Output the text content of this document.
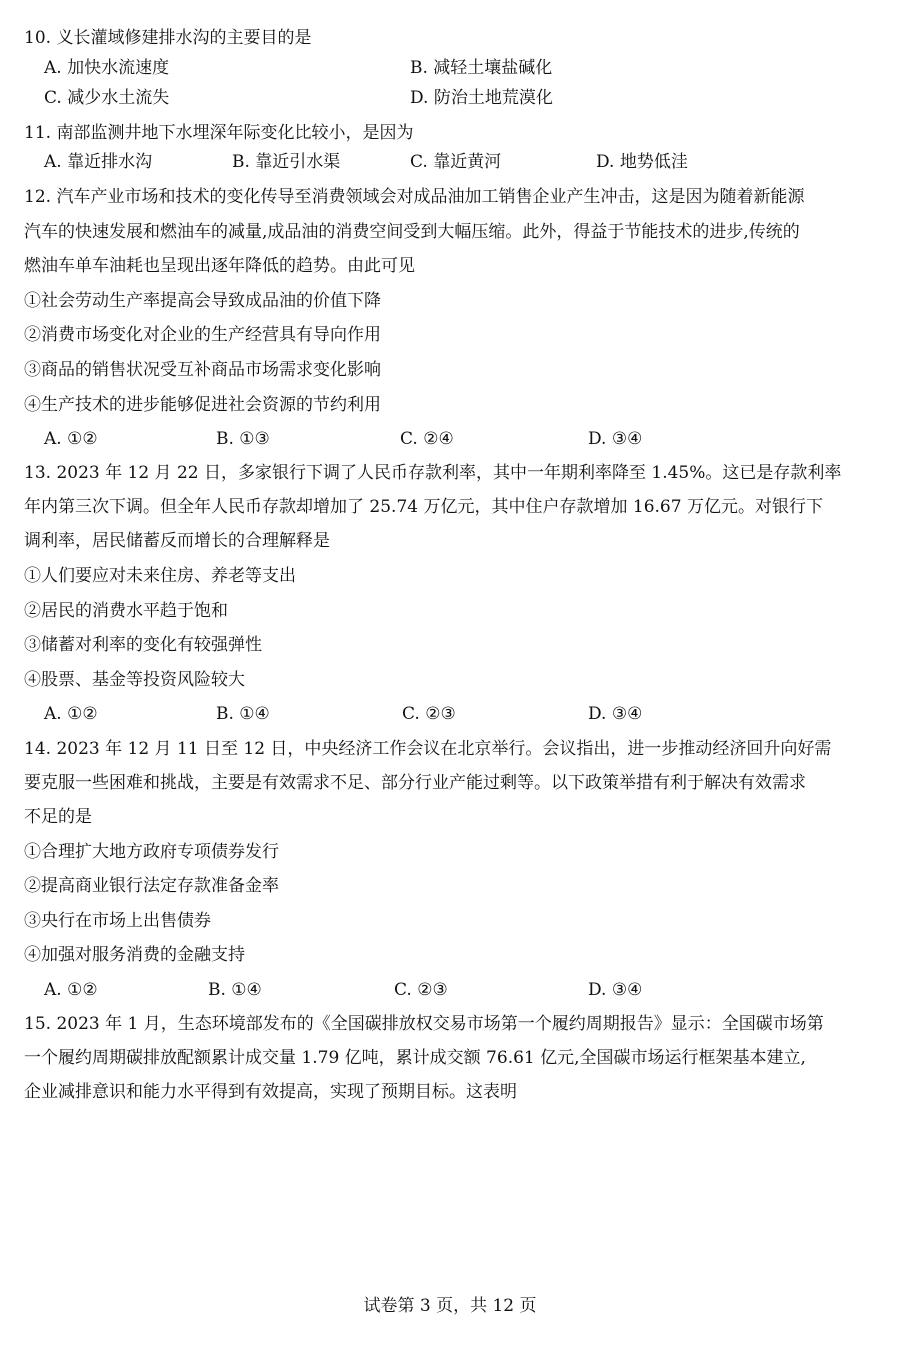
10. 义长灌域修建排水沟的主要目的是
A. 加快水流速度	B. 减轻土壤盐碱化
C. 减少水土流失	D. 防治土地荒漠化
11. 南部监测井地下水埋深年际变化比较小，是因为
A. 靠近排水沟	B. 靠近引水渠	C. 靠近黄河	D. 地势低洼
12. 汽车产业市场和技术的变化传导至消费领域会对成品油加工销售企业产生冲击，这是因为随着新能源
汽车的快速发展和燃油车的减量,成品油的消费空间受到大幅压缩。此外，得益于节能技术的进步,传统的
燃油车单车油耗也呈现出逐年降低的趋势。由此可见
①社会劳动生产率提高会导致成品油的价值下降
②消费市场变化对企业的生产经营具有导向作用
③商品的销售状况受互补商品市场需求变化影响
④生产技术的进步能够促进社会资源的节约利用
A. ①②	B. ①③	C. ②④	D. ③④
13. 2023 年 12 月 22 日，多家银行下调了人民币存款利率，其中一年期利率降至 1.45%。这已是存款利率
年内第三次下调。但全年人民币存款却增加了 25.74 万亿元，其中住户存款增加 16.67 万亿元。对银行下
调利率，居民储蓄反而增长的合理解释是
①人们要应对未来住房、养老等支出
②居民的消费水平趋于饱和
③储蓄对利率的变化有较强弹性
④股票、基金等投资风险较大
A. ①②	B. ①④	C. ②③	D. ③④
14. 2023 年 12 月 11 日至 12 日，中央经济工作会议在北京举行。会议指出，进一步推动经济回升向好需
要克服一些困难和挑战，主要是有效需求不足、部分行业产能过剩等。以下政策举措有利于解决有效需求
不足的是
①合理扩大地方政府专项债券发行
②提高商业银行法定存款准备金率
③央行在市场上出售债券
④加强对服务消费的金融支持
A. ①②	B. ①④	C. ②③	D. ③④
15. 2023 年 1 月，生态环境部发布的《全国碳排放权交易市场第一个履约周期报告》显示：全国碳市场第
一个履约周期碳排放配额累计成交量 1.79 亿吨，累计成交额 76.61 亿元,全国碳市场运行框架基本建立,
企业减排意识和能力水平得到有效提高，实现了预期目标。这表明
试卷第 3 页，共 12 页
